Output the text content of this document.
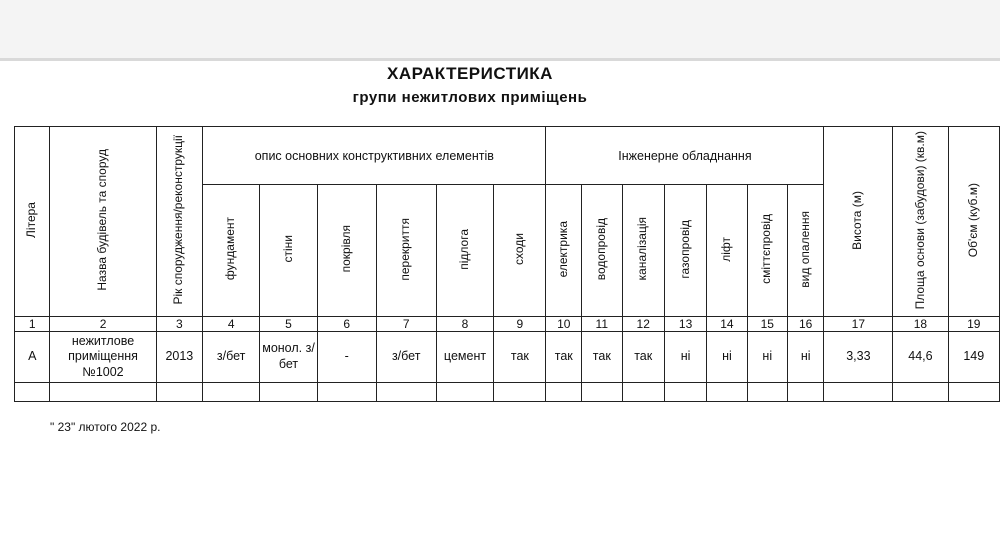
ХАРАКТЕРИСТИКА
групи нежитлових приміщень
Літера	Назва будівель та споруд	Рік спорудження/реконструкції	опис основних конструктивних елементів						Інженерне обладнання							Висота (м)	Площа основи (забудови) (кв.м)	Об'єм (куб.м)
			фундамент	стіни	покрівля	перекриття	підлога	сходи	електрика	водопровід	каналізація	газопровід	ліфт	сміттєпровід	вид опалення			
1	2	3	4	5	6	7	8	9	10	11	12	13	14	15	16	17	18	19
А	нежитлове приміщення №1002	2013	з/бет	монол. з/бет	-	з/бет	цемент	так	так	так	так	ні	ні	ні	ні	3,33	44,6	149

" 23" лютого 2022 р.
